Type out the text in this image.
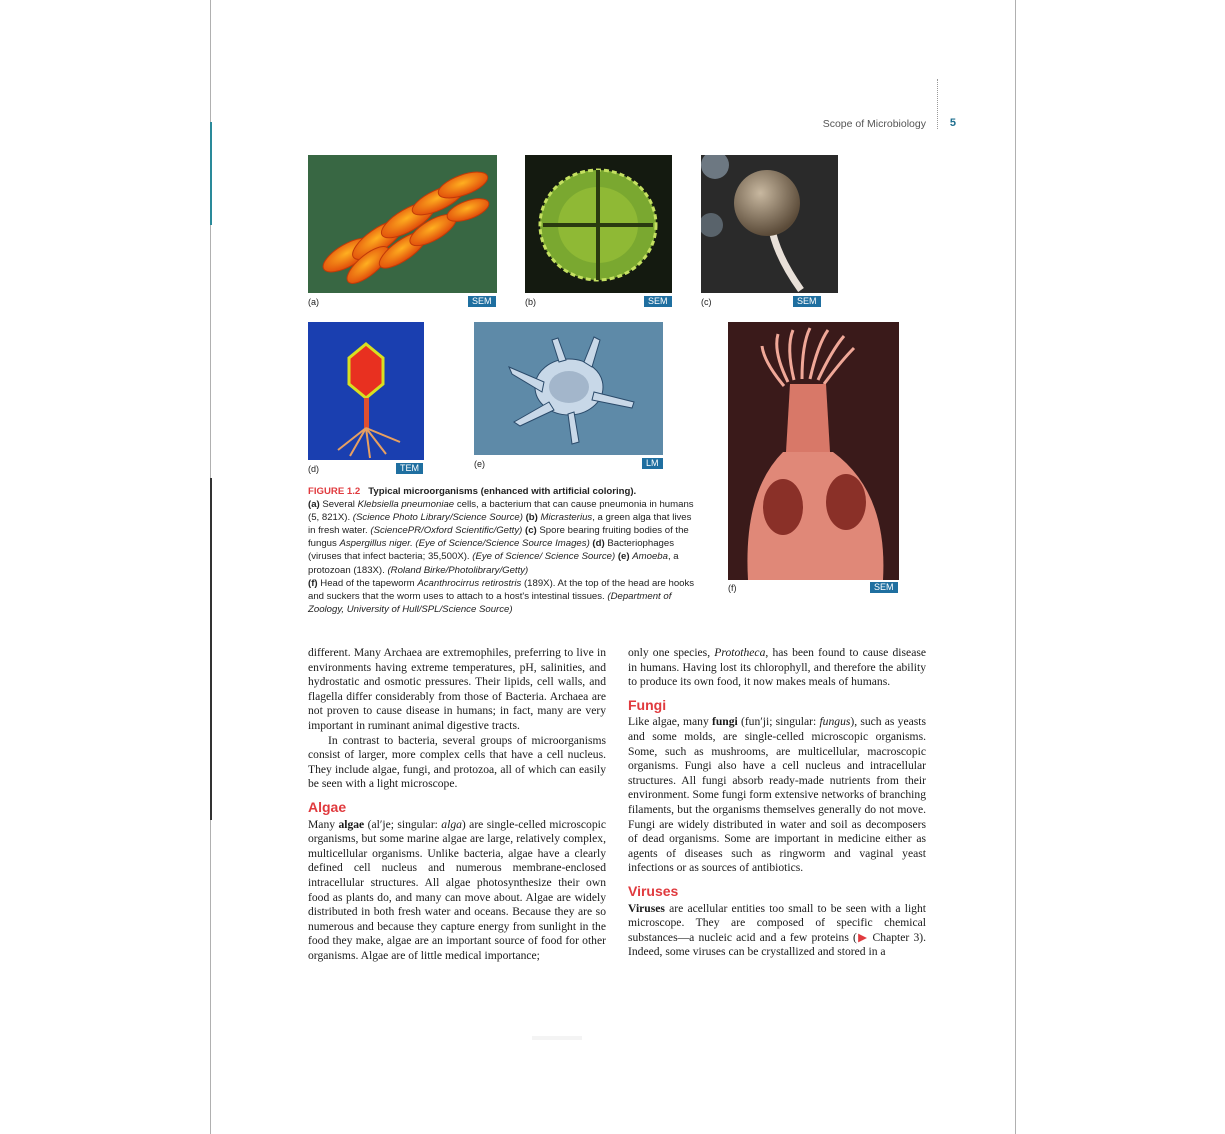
Scope of Microbiology 5
(a)	SEM	(b)	SEM	(c)	SEM
(d)	TEM	(e)	LM
(f)	SEM
FIGURE 1.2 Typical microorganisms (enhanced with artificial coloring).
(a) Several Klebsiella pneumoniae cells, a bacterium that can cause pneumonia in humans (5, 821X). (Science Photo Library/Science Source) (b) Micrasterius, a green alga that lives in fresh water. (SciencePR/Oxford Scientific/Getty) (c) Spore bearing fruiting bodies of the fungus Aspergillus niger. (Eye of Science/Science Source Images) (d) Bacteriophages (viruses that infect bacteria; 35,500X). (Eye of Science/ Science Source) (e) Amoeba, a protozoan (183X). (Roland Birke/Photolibrary/Getty)
(f) Head of the tapeworm Acanthrocirrus retirostris (189X). At the top of the head are hooks and suckers that the worm uses to attach to a host's intestinal tissues. (Department of Zoology, University of Hull/SPL/Science Source)

different. Many Archaea are extremophiles, preferring to live in environments having extreme temperatures, pH, salinities, and hydrostatic and osmotic pressures. Their lipids, cell walls, and flagella differ considerably from those of Bacteria. Archaea are not proven to cause disease in humans; in fact, many are very important in ruminant animal digestive tracts.

In contrast to bacteria, several groups of microorganisms consist of larger, more complex cells that have a cell nucleus. They include algae, fungi, and protozoa, all of which can easily be seen with a light microscope.

Algae

Many algae (al′je; singular: alga) are single-celled microscopic organisms, but some marine algae are large, relatively complex, multicellular organisms. Unlike bacteria, algae have a clearly defined cell nucleus and numerous membrane-enclosed intracellular structures. All algae photosynthesize their own food as plants do, and many can move about. Algae are widely distributed in both fresh water and oceans. Because they are so numerous and because they capture energy from sunlight in the food they make, algae are an important source of food for other organisms. Algae are of little medical importance;

only one species, Prototheca, has been found to cause disease in humans. Having lost its chlorophyll, and therefore the ability to produce its own food, it now makes meals of humans.

Fungi

Like algae, many fungi (fun′ji; singular: fungus), such as yeasts and some molds, are single-celled microscopic organisms. Some, such as mushrooms, are multicellular, macroscopic organisms. Fungi also have a cell nucleus and intracellular structures. All fungi absorb ready-made nutrients from their environment. Some fungi form extensive networks of branching filaments, but the organisms themselves generally do not move. Fungi are widely distributed in water and soil as decomposers of dead organisms. Some are important in medicine either as agents of diseases such as ringworm and vaginal yeast infections or as sources of antibiotics.

Viruses

Viruses are acellular entities too small to be seen with a light microscope. They are composed of specific chemical substances—a nucleic acid and a few proteins (▶ Chapter 3). Indeed, some viruses can be crystallized and stored in a
